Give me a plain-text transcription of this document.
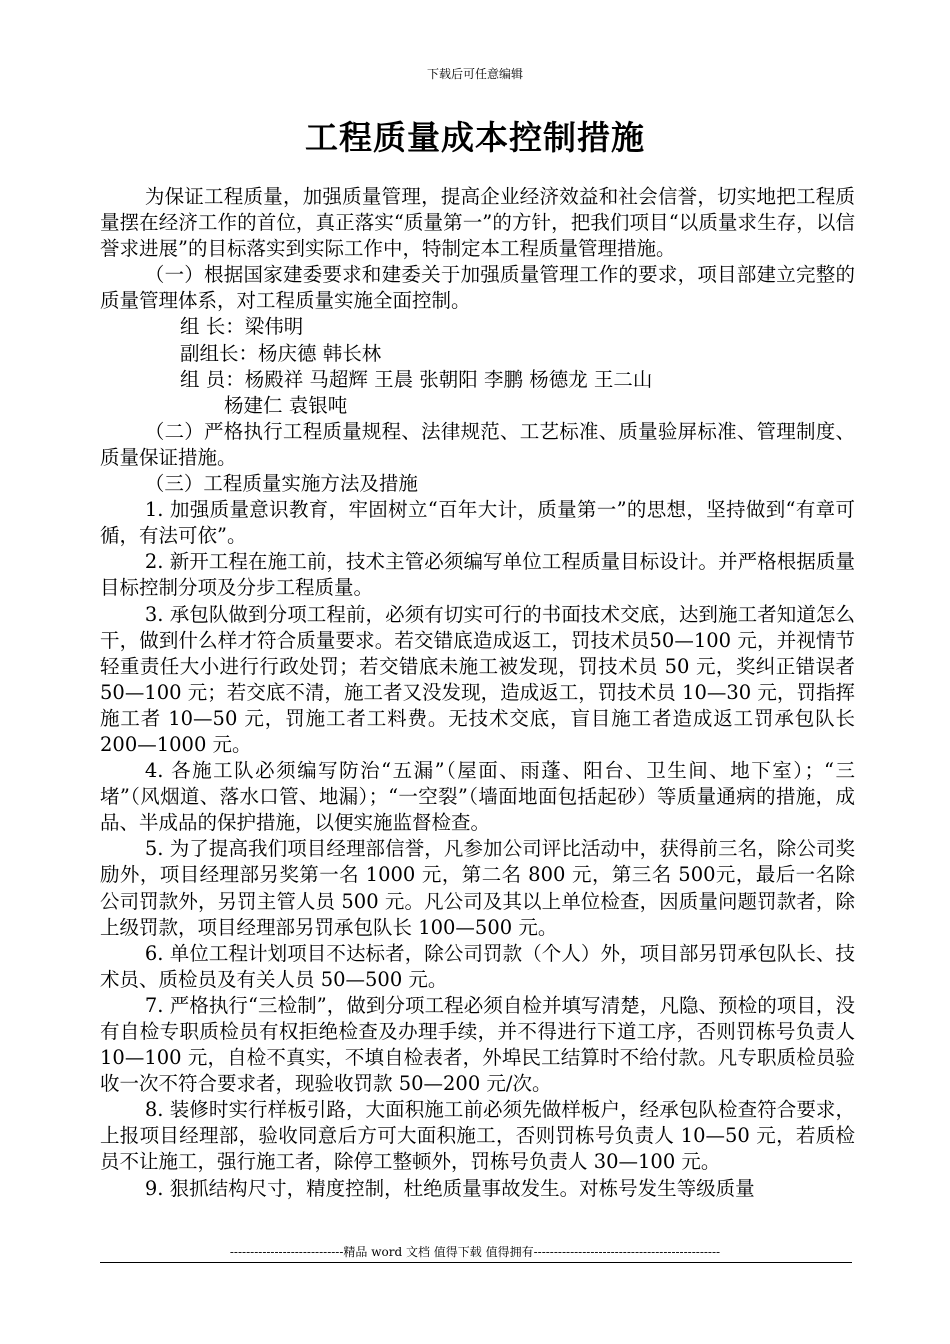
下载后可任意编辑
工程质量成本控制措施

为保证工程质量，加强质量管理，提高企业经济效益和社会信誉，切实地把工程质量摆在经济工作的首位，真正落实“质量第一”的方针，把我们项目“以质量求生存，以信誉求进展”的目标落实到实际工作中，特制定本工程质量管理措施。

（一）根据国家建委要求和建委关于加强质量管理工作的要求，项目部建立完整的质量管理体系，对工程质量实施全面控制。

组 长：梁伟明

副组长：杨庆德 韩长林

组 员：杨殿祥 马超辉 王晨 张朝阳 李鹏 杨德龙 王二山

杨建仁 袁银吨

（二）严格执行工程质量规程、法律规范、工艺标准、质量验屏标准、管理制度、质量保证措施。

（三）工程质量实施方法及措施

1. 加强质量意识教育，牢固树立“百年大计，质量第一”的思想，坚持做到“有章可循，有法可依”。

2. 新开工程在施工前，技术主管必须编写单位工程质量目标设计。并严格根据质量目标控制分项及分步工程质量。

3. 承包队做到分项工程前，必须有切实可行的书面技术交底，达到施工者知道怎么干，做到什么样才符合质量要求。若交错底造成返工，罚技术员50—100 元，并视情节轻重责任大小进行行政处罚；若交错底未施工被发现，罚技术员 50 元，奖纠正错误者 50—100 元；若交底不清，施工者又没发现，造成返工，罚技术员 10—30 元，罚指挥施工者 10—50 元，罚施工者工料费。无技术交底，盲目施工者造成返工罚承包队长 200—1000 元。

4. 各施工队必须编写防治“五漏”（屋面、雨蓬、阳台、卫生间、地下室）；“三堵”（风烟道、落水口管、地漏）；“一空裂”（墙面地面包括起砂）等质量通病的措施，成品、半成品的保护措施，以便实施监督检查。

5. 为了提高我们项目经理部信誉，凡参加公司评比活动中，获得前三名，除公司奖励外，项目经理部另奖第一名 1000 元，第二名 800 元，第三名 500元，最后一名除公司罚款外，另罚主管人员 500 元。凡公司及其以上单位检查，因质量问题罚款者，除上级罚款，项目经理部另罚承包队长 100—500 元。

6. 单位工程计划项目不达标者，除公司罚款（个人）外，项目部另罚承包队长、技术员、质检员及有关人员 50—500 元。

7. 严格执行“三检制”，做到分项工程必须自检并填写清楚，凡隐、预检的项目，没有自检专职质检员有权拒绝检查及办理手续，并不得进行下道工序，否则罚栋号负责人 10—100 元，自检不真实，不填自检表者，外埠民工结算时不给付款。凡专职质检员验收一次不符合要求者，现验收罚款 50—200 元/次。

8. 装修时实行样板引路，大面积施工前必须先做样板户，经承包队检查符合要求，上报项目经理部，验收同意后方可大面积施工，否则罚栋号负责人 10—50 元，若质检员不让施工，强行施工者，除停工整顿外，罚栋号负责人 30—100 元。

9. 狠抓结构尺寸，精度控制，杜绝质量事故发生。对栋号发生等级质量

----------------------------精品 word 文档 值得下载 值得拥有----------------------------------------------
